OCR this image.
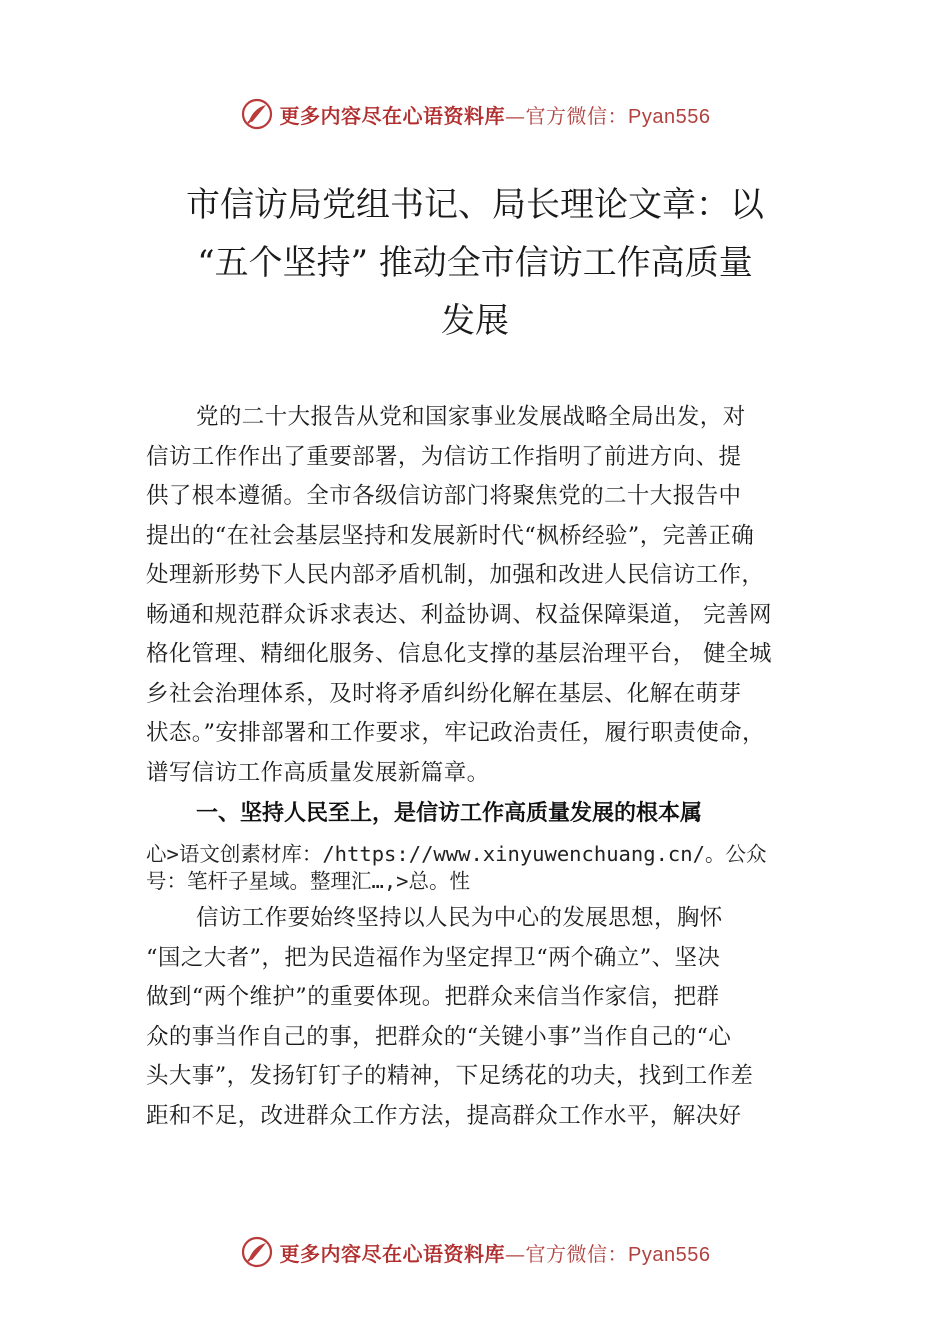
更多内容尽在心语资料库—官方微信：Pyan556
市信访局党组书记、局长理论文章：以
“五个坚持” 推动全市信访工作高质量
发展
党的二十大报告从党和国家事业发展战略全局出发，对
信访工作作出了重要部署，为信访工作指明了前进方向、提
供了根本遵循。全市各级信访部门将聚焦党的二十大报告中
提出的“在社会基层坚持和发展新时代“枫桥经验”，完善正确
处理新形势下人民内部矛盾机制，加强和改进人民信访工作，
畅通和规范群众诉求表达、利益协调、权益保障渠道， 完善网
格化管理、精细化服务、信息化支撑的基层治理平台， 健全城
乡社会治理体系，及时将矛盾纠纷化解在基层、化解在萌芽
状态。”安排部署和工作要求，牢记政治责任，履行职责使命，
谱写信访工作高质量发展新篇章。
一、坚持人民至上，是信访工作高质量发展的根本属
心>语文创素材库：/https://www.xinyuwenchuang.cn/。公众
号：笔杆子星域。整理汇…,>总。性
信访工作要始终坚持以人民为中心的发展思想，胸怀
“国之大者”，把为民造福作为坚定捍卫“两个确立”、坚决
做到“两个维护”的重要体现。把群众来信当作家信，把群
众的事当作自己的事，把群众的“关键小事”当作自己的“心
头大事”，发扬钉钉子的精神，下足绣花的功夫，找到工作差
距和不足，改进群众工作方法，提高群众工作水平，解决好
更多内容尽在心语资料库—官方微信：Pyan556
